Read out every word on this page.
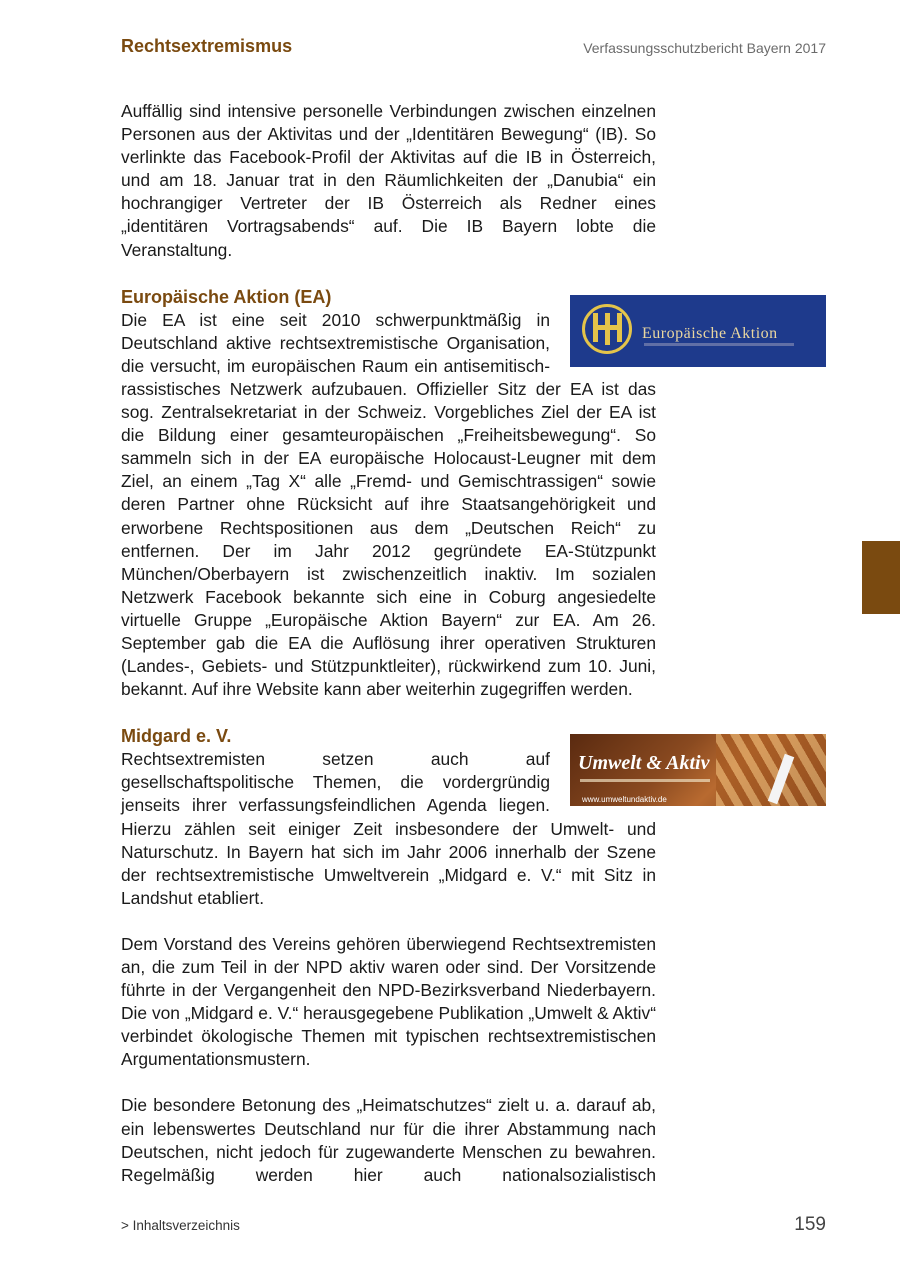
Rechtsextremismus	Verfassungsschutzbericht Bayern 2017

Auffällig sind intensive personelle Verbindungen zwischen einzelnen Personen aus der Aktivitas und der „Identitären Bewegung“ (IB). So verlinkte das Facebook-Profil der Aktivitas auf die IB in Österreich, und am 18. Januar trat in den Räumlichkeiten der „Danubia“ ein hochrangiger Vertreter der IB Österreich als Redner eines „identitären Vortragsabends“ auf. Die IB Bayern lobte die Veranstaltung.

Europäische Aktion (EA)
Europäische Aktion

Die EA ist eine seit 2010 schwerpunktmäßig in Deutschland aktive rechtsextremistische Organisation, die versucht, im europäischen Raum ein antisemitisch-rassistisches Netzwerk aufzubauen. Offizieller Sitz der EA ist das sog. Zentralsekretariat in der Schweiz. Vorgebliches Ziel der EA ist die Bildung einer gesamteuropäischen „Freiheitsbewegung“. So sammeln sich in der EA europäische Holocaust-Leugner mit dem Ziel, an einem „Tag X“ alle „Fremd- und Gemischtrassigen“ sowie deren Partner ohne Rücksicht auf ihre Staatsangehörigkeit und erworbene Rechtspositionen aus dem „Deutschen Reich“ zu entfernen. Der im Jahr 2012 gegründete EA-Stützpunkt München/Oberbayern ist zwischenzeitlich inaktiv. Im sozialen Netzwerk Facebook bekannte sich eine in Coburg angesiedelte virtuelle Gruppe „Europäische Aktion Bayern“ zur EA. Am 26. September gab die EA die Auflösung ihrer operativen Strukturen (Landes-, Gebiets- und Stützpunktleiter), rückwirkend zum 10. Juni, bekannt. Auf ihre Website kann aber weiterhin zugegriffen werden.

Midgard e. V.
Umwelt & Aktiv
www.umweltundaktiv.de

Rechtsextremisten setzen auch auf gesellschaftspolitische Themen, die vordergründig jenseits ihrer verfassungsfeindlichen Agenda liegen. Hierzu zählen seit einiger Zeit insbesondere der Umwelt- und Naturschutz. In Bayern hat sich im Jahr 2006 innerhalb der Szene der rechtsextremistische Umweltverein „Midgard e. V.“ mit Sitz in Landshut etabliert.

Dem Vorstand des Vereins gehören überwiegend Rechtsextremisten an, die zum Teil in der NPD aktiv waren oder sind. Der Vorsitzende führte in der Vergangenheit den NPD-Bezirksverband Niederbayern. Die von „Midgard e. V.“ herausgegebene Publikation „Umwelt & Aktiv“ verbindet ökologische Themen mit typischen rechtsextremistischen Argumentationsmustern.

Die besondere Betonung des „Heimatschutzes“ zielt u. a. darauf ab, ein lebenswertes Deutschland nur für die ihrer Abstammung nach Deutschen, nicht jedoch für zugewanderte Menschen zu bewahren. Regelmäßig werden hier auch nationalsozialistisch

> Inhaltsverzeichnis	159
